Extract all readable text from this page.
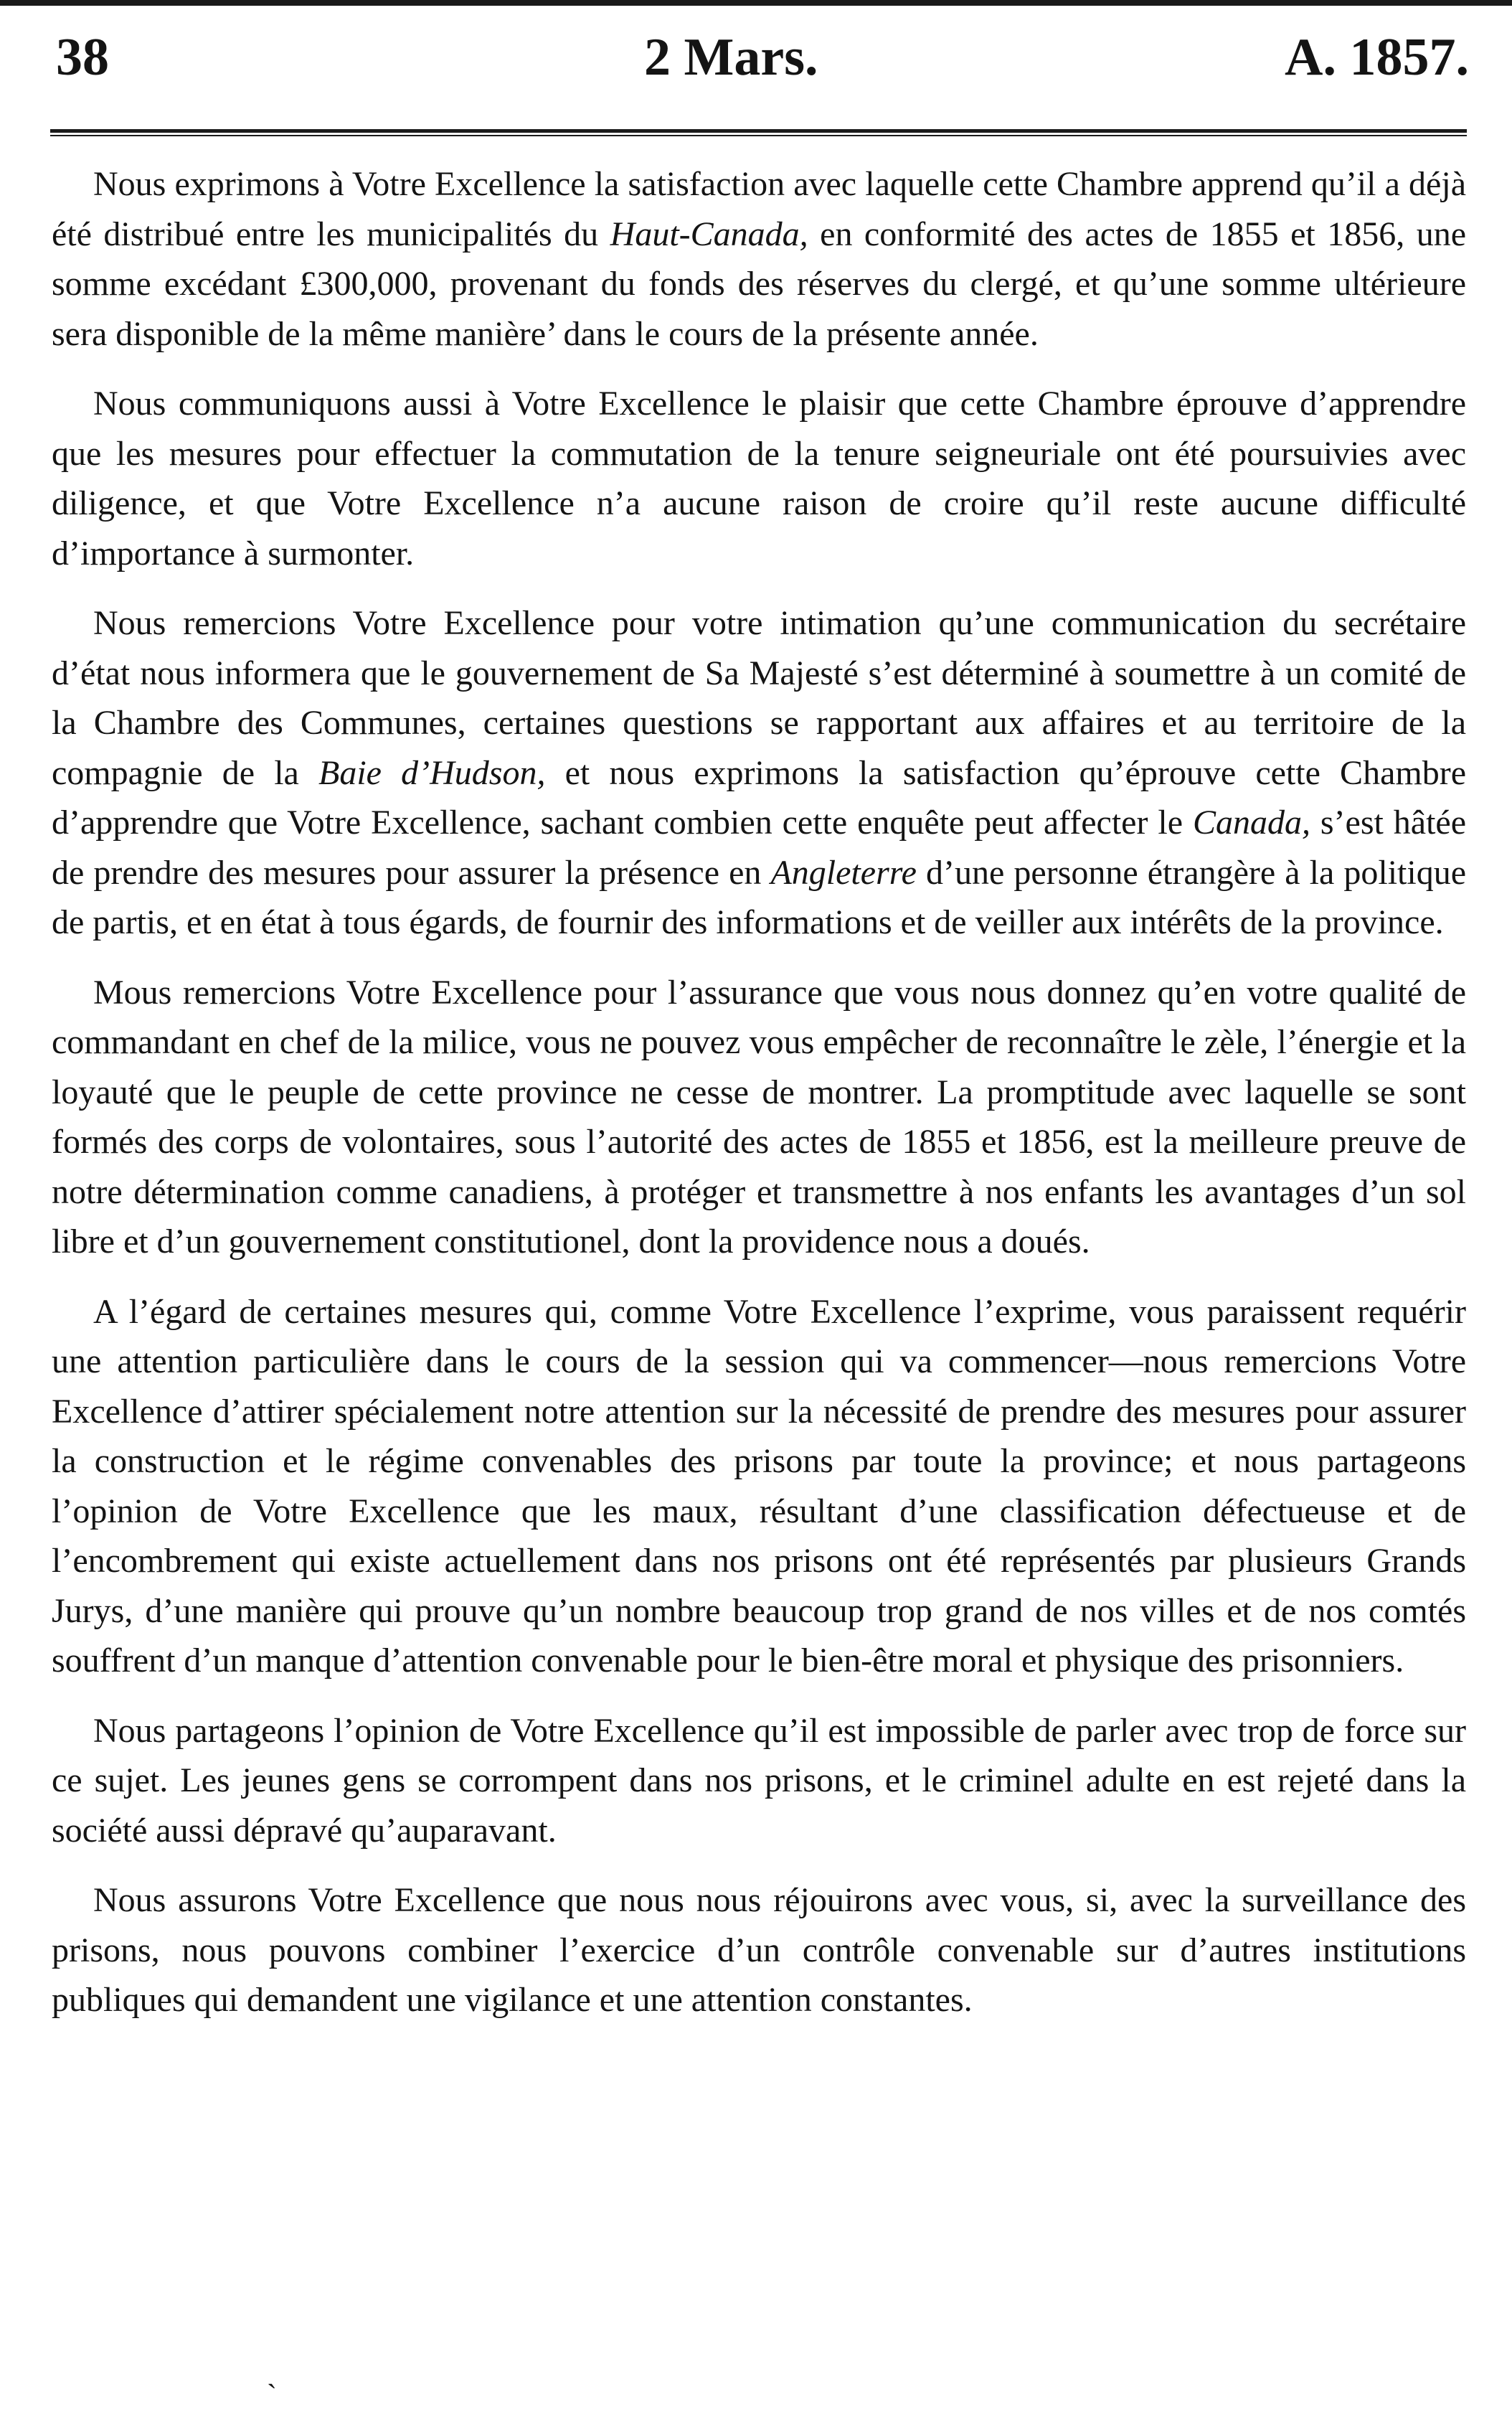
38	2 Mars.	A. 1857.

Nous exprimons à Votre Excellence la satisfaction avec laquelle cette Chambre apprend qu’il a déjà été distribué entre les municipalités du Haut-Canada, en conformité des actes de 1855 et 1856, une somme excédant £300,000, provenant du fonds des réserves du clergé, et qu’une somme ultérieure sera disponible de la même manière’ dans le cours de la présente année.

Nous communiquons aussi à Votre Excellence le plaisir que cette Chambre éprouve d’apprendre que les mesures pour effectuer la commutation de la tenure seigneuriale ont été poursuivies avec diligence, et que Votre Excellence n’a aucune raison de croire qu’il reste aucune difficulté d’importance à surmonter.

Nous remercions Votre Excellence pour votre intimation qu’une communication du secrétaire d’état nous informera que le gouvernement de Sa Majesté s’est déterminé à soumettre à un comité de la Chambre des Communes, certaines questions se rapportant aux affaires et au territoire de la compagnie de la Baie d’Hudson, et nous exprimons la satisfaction qu’éprouve cette Chambre d’apprendre que Votre Excellence, sachant combien cette enquête peut affecter le Canada, s’est hâtée de prendre des mesures pour assurer la présence en Angleterre d’une personne étrangère à la politique de partis, et en état à tous égards, de fournir des informations et de veiller aux intérêts de la province.

Mous remercions Votre Excellence pour l’assurance que vous nous donnez qu’en votre qualité de commandant en chef de la milice, vous ne pouvez vous empêcher de reconnaître le zèle, l’énergie et la loyauté que le peuple de cette province ne cesse de montrer. La promptitude avec laquelle se sont formés des corps de volontaires, sous l’autorité des actes de 1855 et 1856, est la meilleure preuve de notre détermination comme canadiens, à protéger et transmettre à nos enfants les avantages d’un sol libre et d’un gouvernement constitutionel, dont la providence nous a doués.

A l’égard de certaines mesures qui, comme Votre Excellence l’exprime, vous paraissent requérir une attention particulière dans le cours de la session qui va commencer—nous remercions Votre Excellence d’attirer spécialement notre attention sur la nécessité de prendre des mesures pour assurer la construction et le régime convenables des prisons par toute la province; et nous partageons l’opinion de Votre Excellence que les maux, résultant d’une classification défectueuse et de l’encombrement qui existe actuellement dans nos prisons ont été représentés par plusieurs Grands Jurys, d’une manière qui prouve qu’un nombre beaucoup trop grand de nos villes et de nos comtés souffrent d’un manque d’attention convenable pour le bien-être moral et physique des prisonniers.

Nous partageons l’opinion de Votre Excellence qu’il est impossible de parler avec trop de force sur ce sujet. Les jeunes gens se corrompent dans nos prisons, et le criminel adulte en est rejeté dans la société aussi dépravé qu’auparavant.

Nous assurons Votre Excellence que nous nous réjouirons avec vous, si, avec la surveillance des prisons, nous pouvons combiner l’exercice d’un contrôle convenable sur d’autres institutions publiques qui demandent une vigilance et une attention constantes.

`
